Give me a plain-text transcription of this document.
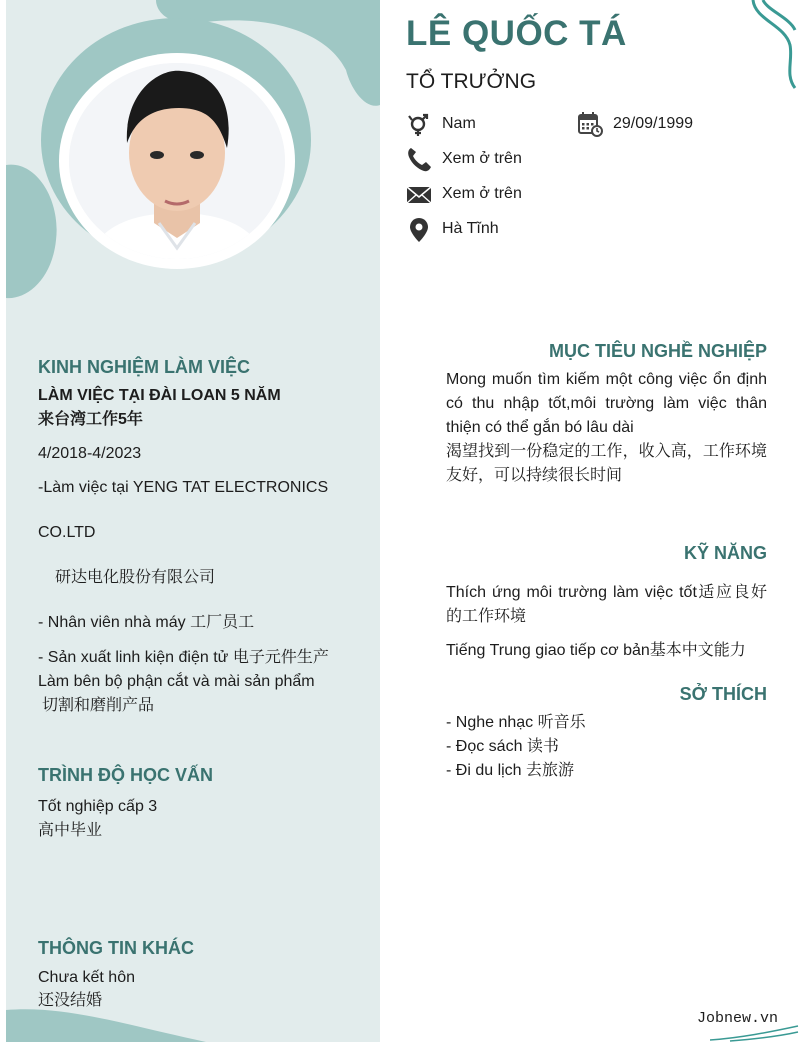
LÊ QUỐC TÁ
TỔ TRƯỞNG
Nam	29/09/1999
Xem ở trên
Xem ở trên
Hà Tĩnh
KINH NGHIỆM LÀM VIỆC
LÀM VIỆC TẠI ĐÀI LOAN 5 NĂM
来台湾工作5年
4/2018-4/2023
-Làm việc tại YENG TAT ELECTRONICS
CO.LTD
研达电化股份有限公司
- Nhân viên nhà máy 工厂员工
- Sản xuất linh kiện điện tử 电子元件生产
Làm bên bộ phận cắt và mài sản phẩm
切割和磨削产品
TRÌNH ĐỘ HỌC VẤN
Tốt nghiệp cấp 3
高中毕业
THÔNG TIN KHÁC
Chưa kết hôn
还没结婚
MỤC TIÊU NGHỀ NGHIỆP
Mong muốn tìm kiếm một công việc ổn định có thu nhập tốt,môi trường làm việc thân thiện có thể gắn bó lâu dài
渴望找到一份稳定的工作，收入高，工作环境友好，可以持续很长时间
KỸ NĂNG
Thích ứng môi trường làm việc tốt适应良好的工作环境
Tiếng Trung giao tiếp cơ bản基本中文能力
SỞ THÍCH
- Nghe nhạc 听音乐
- Đọc sách 读书
- Đi du lịch 去旅游
Jobnew.vn
